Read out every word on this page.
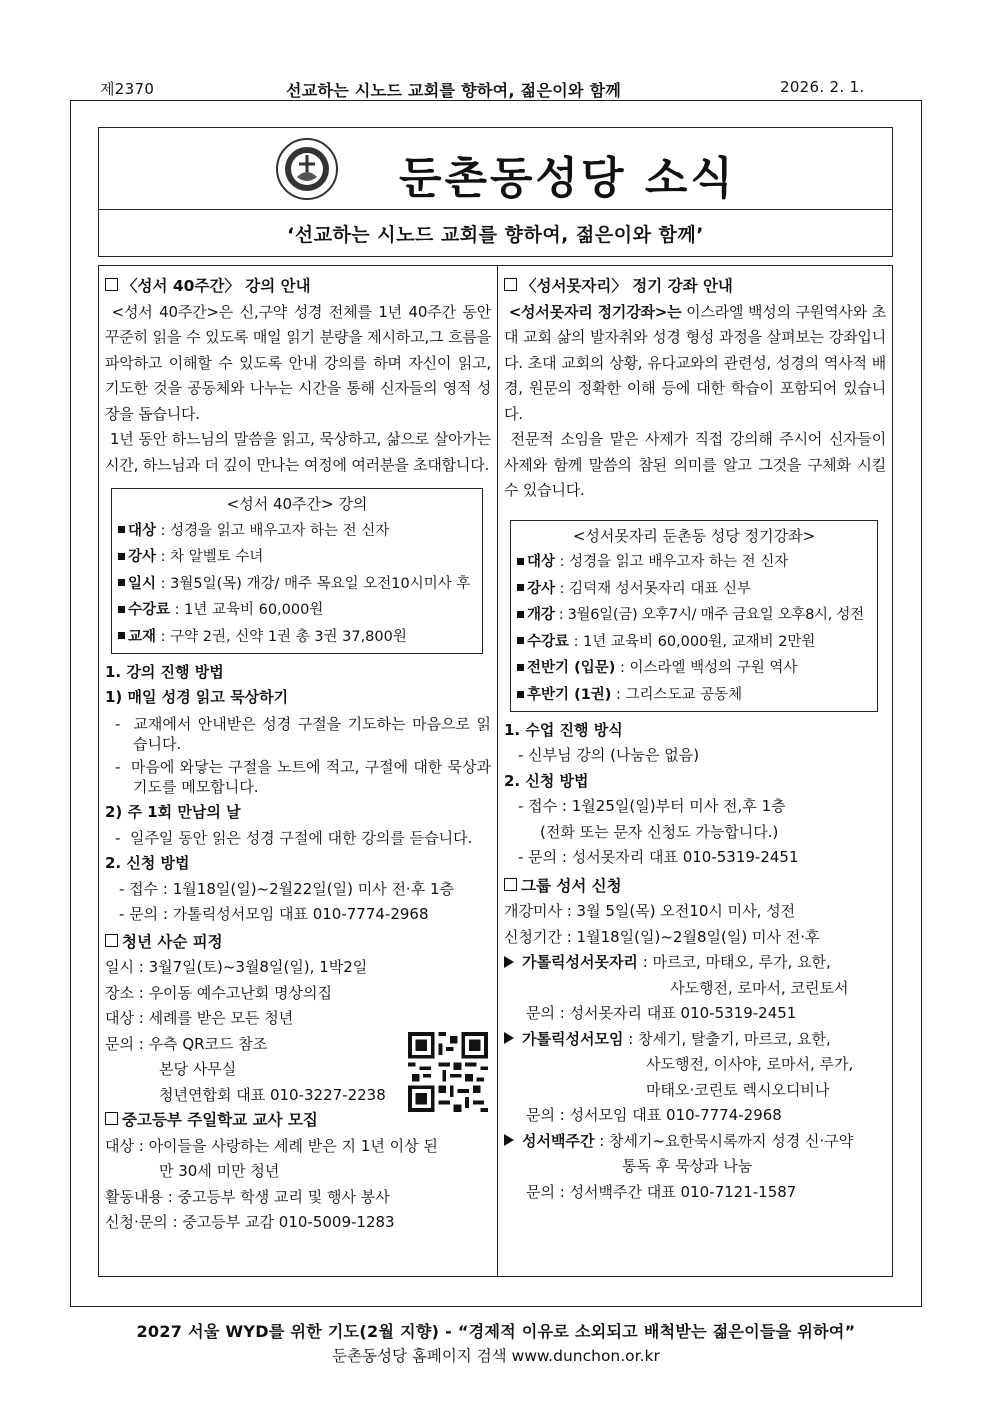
제2370	선교하는 시노드 교회를 향하여, 젊은이와 함께	2026. 2. 1.
둔촌동성당 소식
‘선교하는 시노드 교회를 향하여, 젊은이와 함께’
〈성서 40주간〉 강의 안내
<성서 40주간>은 신,구약 성경 전체를 1년 40주간 동안 꾸준히 읽을 수 있도록 매일 읽기 분량을 제시하고,그 흐름을 파악하고 이해할 수 있도록 안내 강의를 하며 자신이 읽고, 기도한 것을 공동체와 나누는 시간을 통해 신자들의 영적 성장을 돕습니다.
1년 동안 하느님의 말씀을 읽고, 묵상하고, 삶으로 살아가는 시간, 하느님과 더 깊이 만나는 여정에 여러분을 초대합니다.
<성서 40주간> 강의
대상 : 성경을 읽고 배우고자 하는 전 신자
강사 : 차 알벨토 수녀
일시 : 3월5일(목) 개강/ 매주 목요일 오전10시미사 후
수강료 : 1년 교육비 60,000원
교재 : 구약 2권, 신약 1권 총 3권 37,800원
1. 강의 진행 방법
1) 매일 성경 읽고 묵상하기
-  교재에서 안내받은 성경 구절을 기도하는 마음으로 읽습니다.
-  마음에 와닿는 구절을 노트에 적고, 구절에 대한 묵상과 기도를 메모합니다.
2) 주 1회 만남의 날
-  일주일 동안 읽은 성경 구절에 대한 강의를 듣습니다.
2. 신청 방법
- 접수 : 1월18일(일)~2월22일(일) 미사 전·후 1층
- 문의 : 가톨릭성서모임 대표 010-7774-2968
청년 사순 피정
일시 : 3월7일(토)~3월8일(일), 1박2일
장소 : 우이동 예수고난회 명상의집
대상 : 세례를 받은 모든 청년
문의 : 우측 QR코드 참조
본당 사무실
청년연합회 대표 010-3227-2238
중고등부 주일학교 교사 모집
대상 : 아이들을 사랑하는 세례 받은 지 1년 이상 된
만 30세 미만 청년
활동내용 : 중고등부 학생 교리 및 행사 봉사
신청·문의 : 중고등부 교감 010-5009-1283
〈성서못자리〉 정기 강좌 안내
<성서못자리 정기강좌>는 이스라엘 백성의 구원역사와 초대 교회 삶의 발자취와 성경 형성 과정을 살펴보는 강좌입니다. 초대 교회의 상황, 유다교와의 관련성, 성경의 역사적 배경, 원문의 정확한 이해 등에 대한 학습이 포함되어 있습니다.
전문적 소임을 맡은 사제가 직접 강의해 주시어 신자들이 사제와 함께 말씀의 참된 의미를 알고 그것을 구체화 시킬 수 있습니다.
<성서못자리 둔촌동 성당 정기강좌>
대상 : 성경을 읽고 배우고자 하는 전 신자
강사 : 김덕재 성서못자리 대표 신부
개강 : 3월6일(금) 오후7시/ 매주 금요일 오후8시, 성전
수강료 : 1년 교육비 60,000원, 교재비 2만원
전반기 (입문) : 이스라엘 백성의 구원 역사
후반기 (1권) : 그리스도교 공동체
1. 수업 진행 방식
- 신부님 강의 (나눔은 없음)
2. 신청 방법
- 접수 : 1월25일(일)부터 미사 전,후 1층
(전화 또는 문자 신청도 가능합니다.)
- 문의 : 성서못자리 대표 010-5319-2451
그룹 성서 신청
개강미사 : 3월 5일(목) 오전10시 미사, 성전
신청기간 : 1월18일(일)~2월8일(일) 미사 전·후
가톨릭성서못자리 : 마르코, 마태오, 루가, 요한,
사도행전, 로마서, 코린토서
문의 : 성서못자리 대표 010-5319-2451
가톨릭성서모임 : 창세기, 탈출기, 마르코, 요한,
사도행전, 이사야, 로마서, 루가,
마태오·코린토 렉시오디비나
문의 : 성서모임 대표 010-7774-2968
성서백주간 : 창세기~요한묵시록까지 성경 신·구약
통독 후 묵상과 나눔
문의 : 성서백주간 대표 010-7121-1587
2027 서울 WYD를 위한 기도(2월 지향) - “경제적 이유로 소외되고 배척받는 젊은이들을 위하여”
둔촌동성당 홈페이지 검색 www.dunchon.or.kr
